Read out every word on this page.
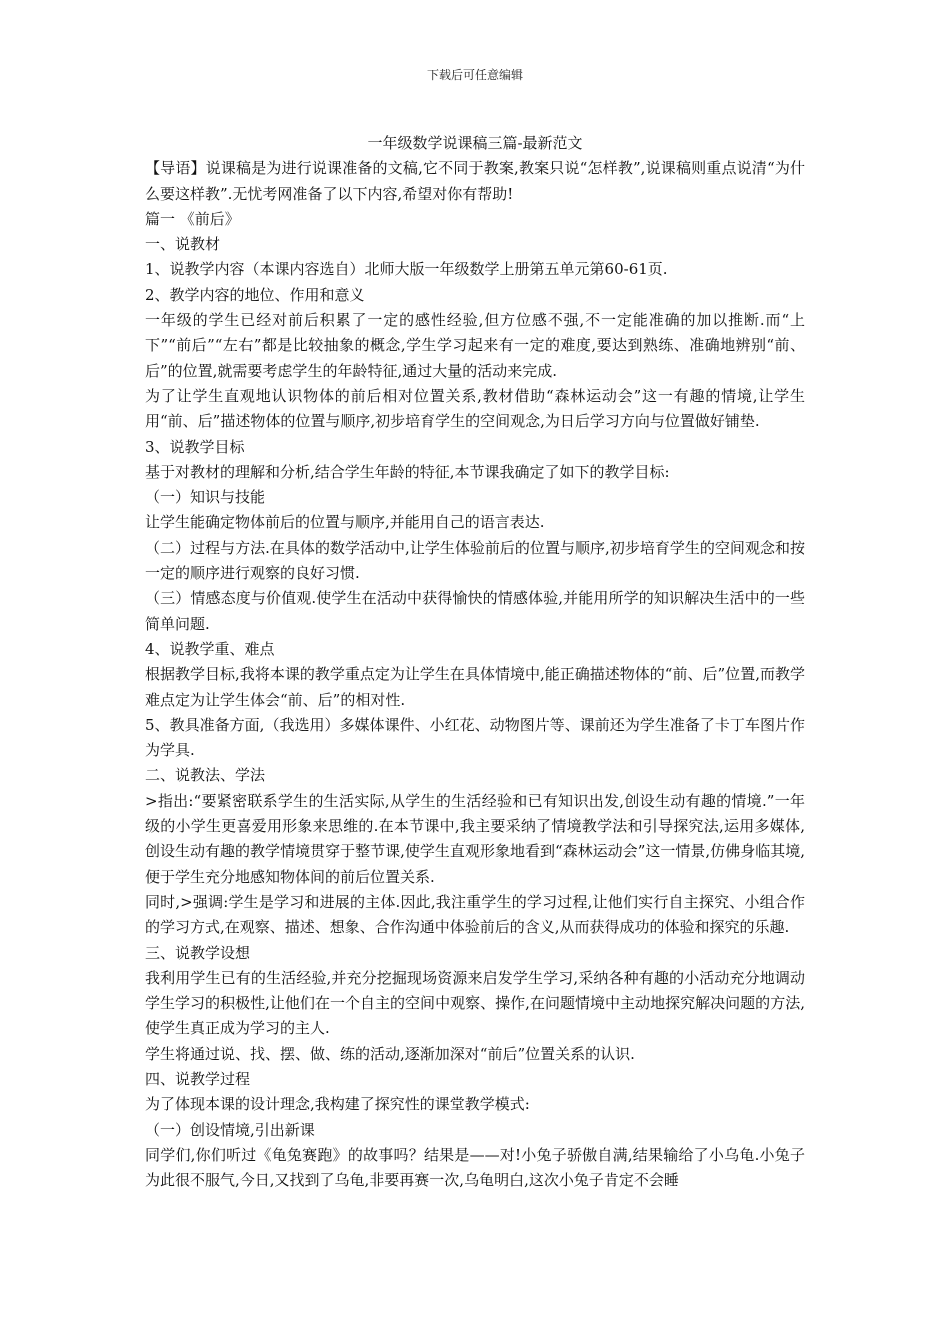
下载后可任意编辑

一年级数学说课稿三篇-最新范文

【导语】说课稿是为进行说课准备的文稿,它不同于教案,教案只说“怎样教”,说课稿则重点说清“为什么要这样教”.无忧考网准备了以下内容,希望对你有帮助!

篇一 《前后》

一、说教材

1、说教学内容（本课内容选自）北师大版一年级数学上册第五单元第60-61页.

2、教学内容的地位、作用和意义

一年级的学生已经对前后积累了一定的感性经验,但方位感不强,不一定能准确的加以推断.而“上下”“前后”“左右”都是比较抽象的概念,学生学习起来有一定的难度,要达到熟练、准确地辨别“前、后”的位置,就需要考虑学生的年龄特征,通过大量的活动来完成.

为了让学生直观地认识物体的前后相对位置关系,教材借助“森林运动会”这一有趣的情境,让学生用“前、后”描述物体的位置与顺序,初步培育学生的空间观念,为日后学习方向与位置做好铺垫.

3、说教学目标

基于对教材的理解和分析,结合学生年龄的特征,本节课我确定了如下的教学目标:

（一）知识与技能

让学生能确定物体前后的位置与顺序,并能用自己的语言表达.

（二）过程与方法.在具体的数学活动中,让学生体验前后的位置与顺序,初步培育学生的空间观念和按一定的顺序进行观察的良好习惯.

（三）情感态度与价值观.使学生在活动中获得愉快的情感体验,并能用所学的知识解决生活中的一些简单问题.

4、说教学重、难点

根据教学目标,我将本课的教学重点定为让学生在具体情境中,能正确描述物体的“前、后”位置,而教学难点定为让学生体会“前、后”的相对性.

5、教具准备方面,（我选用）多媒体课件、小红花、动物图片等、课前还为学生准备了卡丁车图片作为学具.

二、说教法、学法

>指出:“要紧密联系学生的生活实际,从学生的生活经验和已有知识出发,创设生动有趣的情境.”一年级的小学生更喜爱用形象来思维的.在本节课中,我主要采纳了情境教学法和引导探究法,运用多媒体,创设生动有趣的教学情境贯穿于整节课,使学生直观形象地看到“森林运动会”这一情景,仿佛身临其境,便于学生充分地感知物体间的前后位置关系.

同时,>强调:学生是学习和进展的主体.因此,我注重学生的学习过程,让他们实行自主探究、小组合作的学习方式,在观察、描述、想象、合作沟通中体验前后的含义,从而获得成功的体验和探究的乐趣.

三、说教学设想

我利用学生已有的生活经验,并充分挖掘现场资源来启发学生学习,采纳各种有趣的小活动充分地调动学生学习的积极性,让他们在一个自主的空间中观察、操作,在问题情境中主动地探究解决问题的方法,使学生真正成为学习的主人.

学生将通过说、找、摆、做、练的活动,逐渐加深对“前后”位置关系的认识.

四、说教学过程

为了体现本课的设计理念,我构建了探究性的课堂教学模式:

（一）创设情境,引出新课

同学们,你们听过《龟兔赛跑》的故事吗？结果是——对!小兔子骄傲自满,结果输给了小乌龟.小兔子为此很不服气,今日,又找到了乌龟,非要再赛一次,乌龟明白,这次小兔子肯定不会睡
